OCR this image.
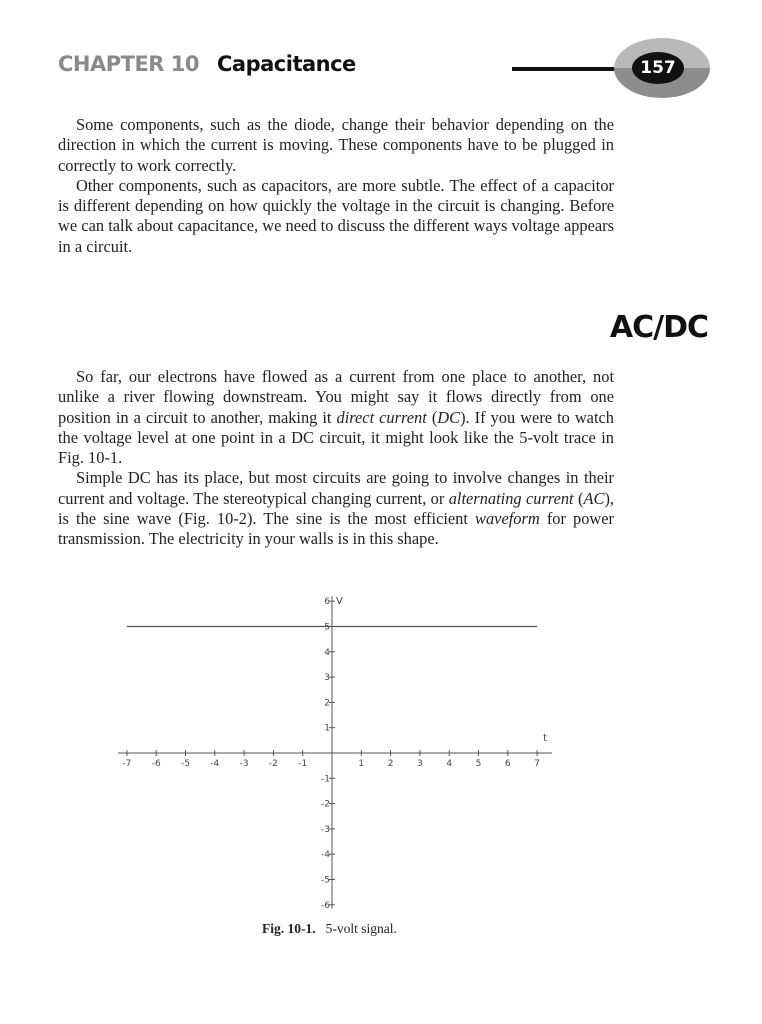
CHAPTER 10 Capacitance	157

Some components, such as the diode, change their behavior depending on the direction in which the current is moving. These components have to be plugged in correctly to work correctly.

Other components, such as capacitors, are more subtle. The effect of a capacitor is different depending on how quickly the voltage in the circuit is changing. Before we can talk about capacitance, we need to discuss the different ways voltage appears in a circuit.

AC/DC

So far, our electrons have flowed as a current from one place to another, not unlike a river flowing downstream. You might say it flows directly from one position in a circuit to another, making it direct current (DC). If you were to watch the voltage level at one point in a DC circuit, it might look like the 5-volt trace in Fig. 10-1.

Simple DC has its place, but most circuits are going to involve changes in their current and voltage. The stereotypical changing current, or alternating current (AC), is the sine wave (Fig. 10-2). The sine is the most efficient waveform for power transmission. The electricity in your walls is in this shape.

-7 -6 -5 -4 -3 -2 -1	1	2	3	4	5	6	7
6
5
4
3
2
1
-1
-2
-3
-4
-5
-6
V
t
Fig. 10-1. 5-volt signal.
